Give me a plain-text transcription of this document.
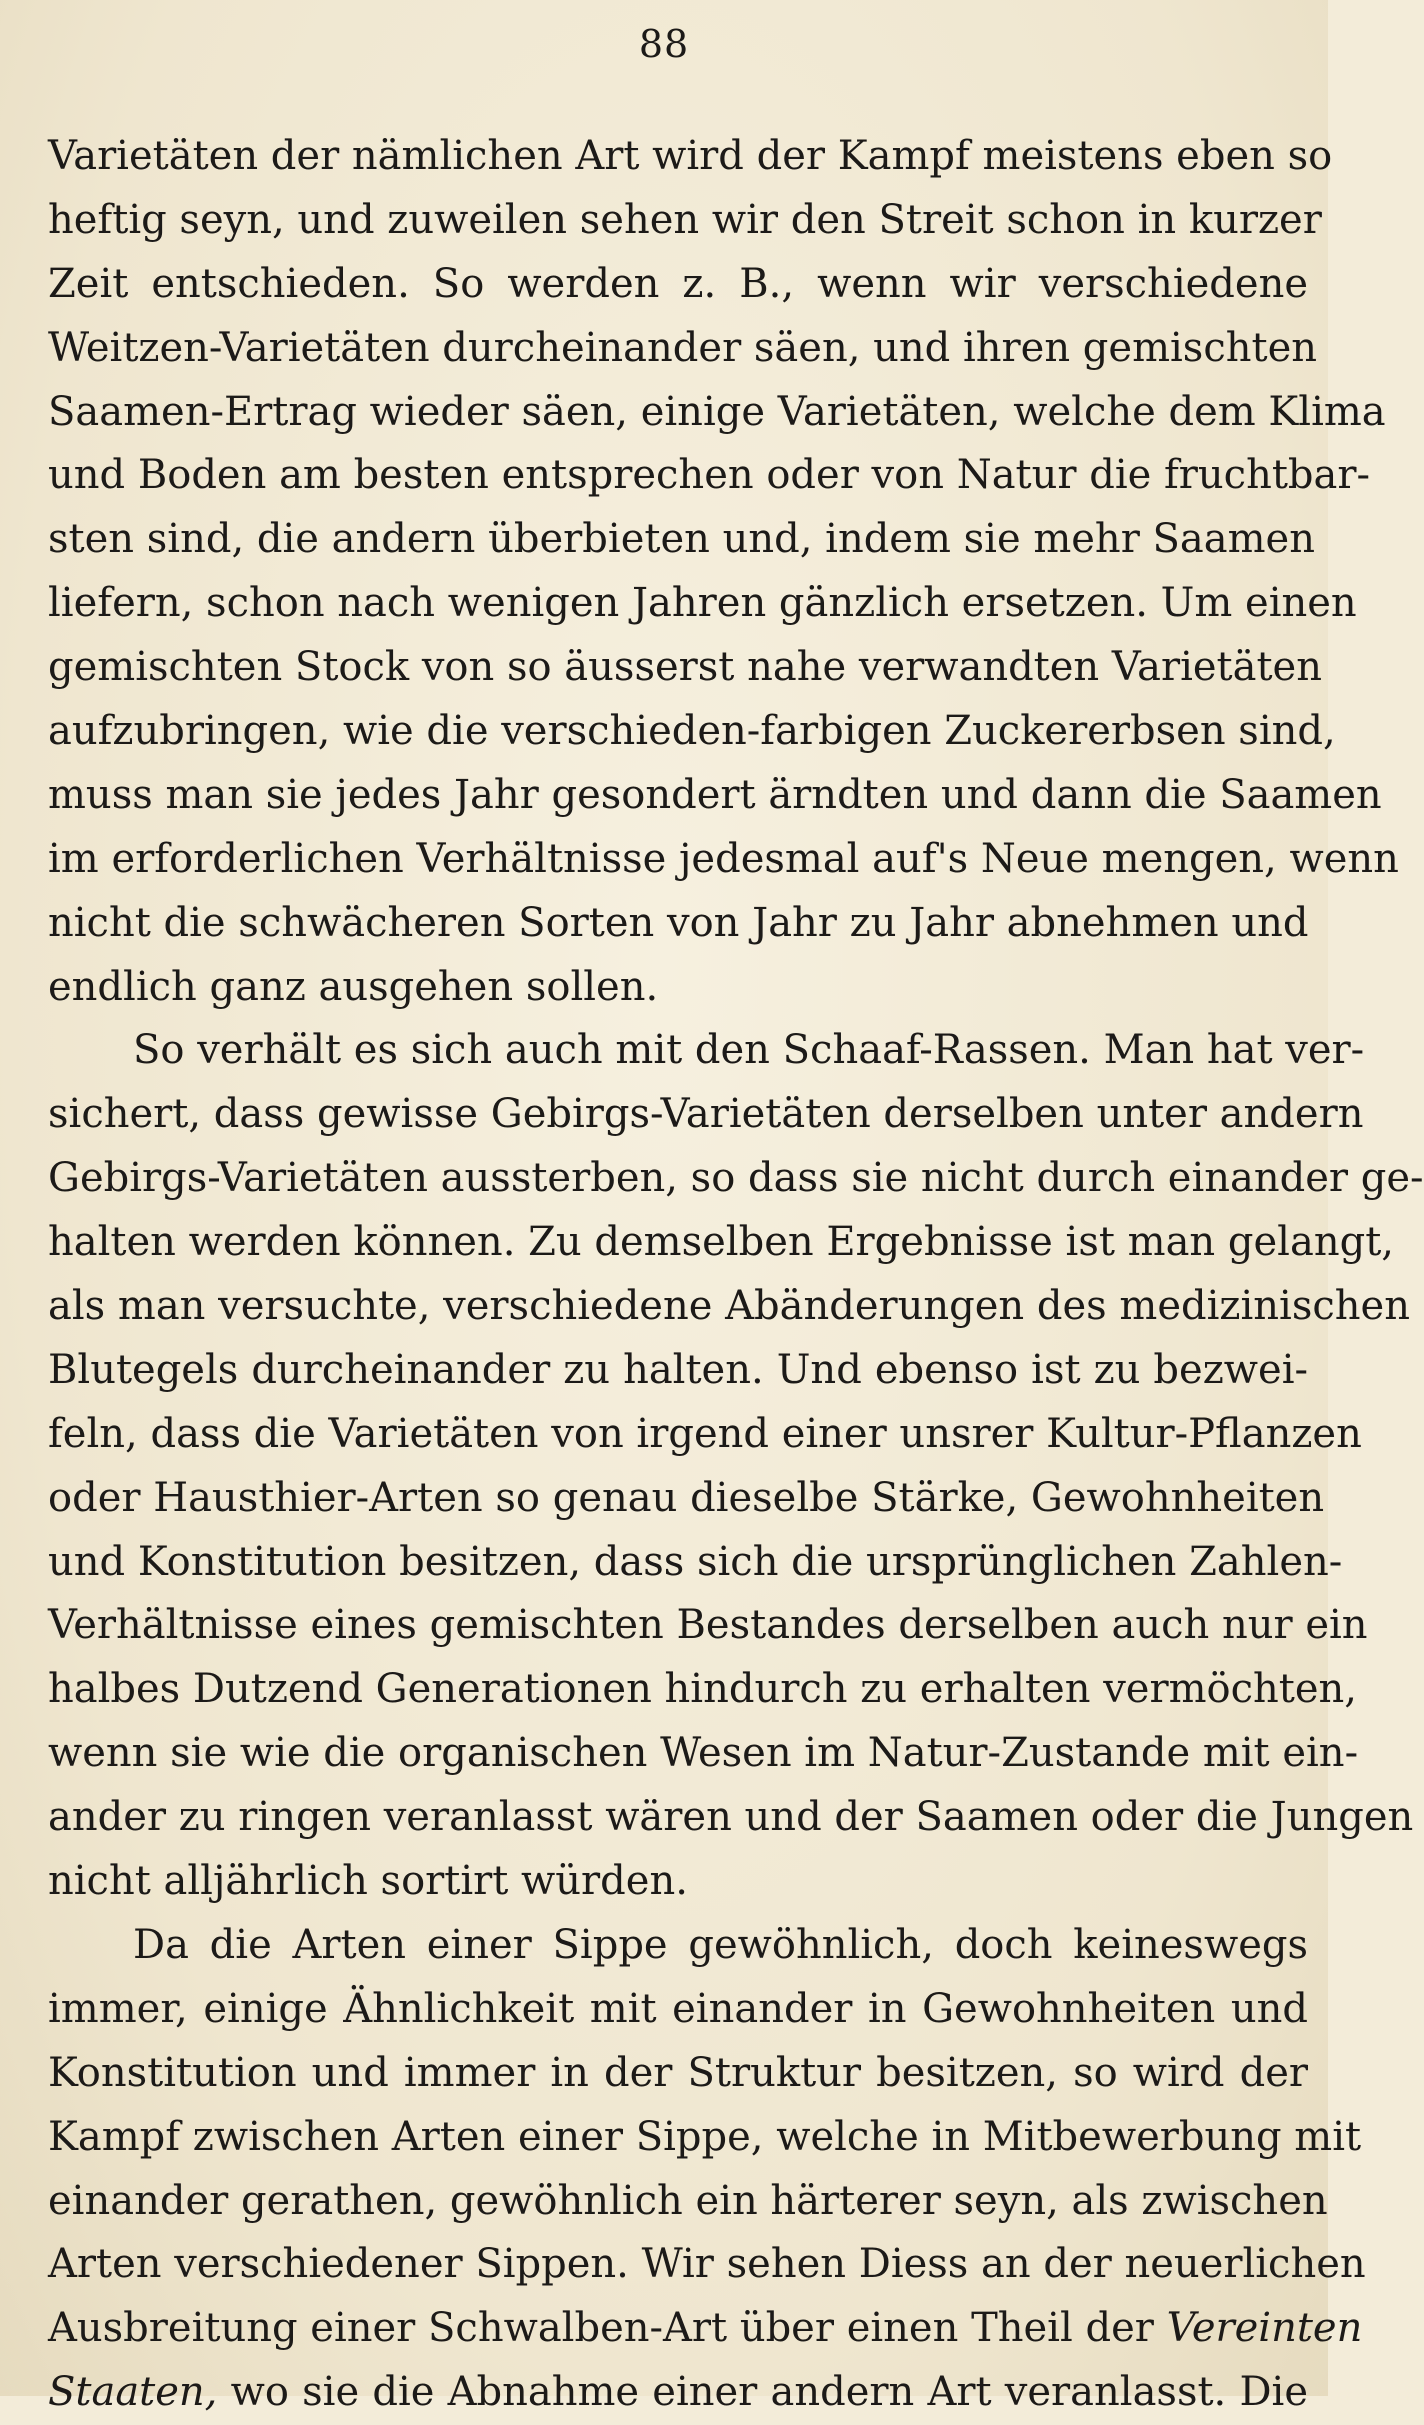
88
Varietäten der nämlichen Art wird der Kampf meistens eben so
heftig seyn, und zuweilen sehen wir den Streit schon in kurzer
Zeit entschieden. So werden z. B., wenn wir verschiedene
Weitzen-Varietäten durcheinander säen, und ihren gemischten
Saamen-Ertrag wieder säen, einige Varietäten, welche dem Klima
und Boden am besten entsprechen oder von Natur die fruchtbar-
sten sind, die andern überbieten und, indem sie mehr Saamen
liefern, schon nach wenigen Jahren gänzlich ersetzen. Um einen
gemischten Stock von so äusserst nahe verwandten Varietäten
aufzubringen, wie die verschieden-farbigen Zuckererbsen sind,
muss man sie jedes Jahr gesondert ärndten und dann die Saamen
im erforderlichen Verhältnisse jedesmal auf's Neue mengen, wenn
nicht die schwächeren Sorten von Jahr zu Jahr abnehmen und
endlich ganz ausgehen sollen.
So verhält es sich auch mit den Schaaf-Rassen. Man hat ver-
sichert, dass gewisse Gebirgs-Varietäten derselben unter andern
Gebirgs-Varietäten aussterben, so dass sie nicht durch einander ge-
halten werden können. Zu demselben Ergebnisse ist man gelangt,
als man versuchte, verschiedene Abänderungen des medizinischen
Blutegels durcheinander zu halten. Und ebenso ist zu bezwei-
feln, dass die Varietäten von irgend einer unsrer Kultur-Pflanzen
oder Hausthier-Arten so genau dieselbe Stärke, Gewohnheiten
und Konstitution besitzen, dass sich die ursprünglichen Zahlen-
Verhältnisse eines gemischten Bestandes derselben auch nur ein
halbes Dutzend Generationen hindurch zu erhalten vermöchten,
wenn sie wie die organischen Wesen im Natur-Zustande mit ein-
ander zu ringen veranlasst wären und der Saamen oder die Jungen
nicht alljährlich sortirt würden.
Da die Arten einer Sippe gewöhnlich, doch keineswegs
immer, einige Ähnlichkeit mit einander in Gewohnheiten und
Konstitution und immer in der Struktur besitzen, so wird der
Kampf zwischen Arten einer Sippe, welche in Mitbewerbung mit
einander gerathen, gewöhnlich ein härterer seyn, als zwischen
Arten verschiedener Sippen. Wir sehen Diess an der neuerlichen
Ausbreitung einer Schwalben-Art über einen Theil der Vereinten
Staaten, wo sie die Abnahme einer andern Art veranlasst. Die
